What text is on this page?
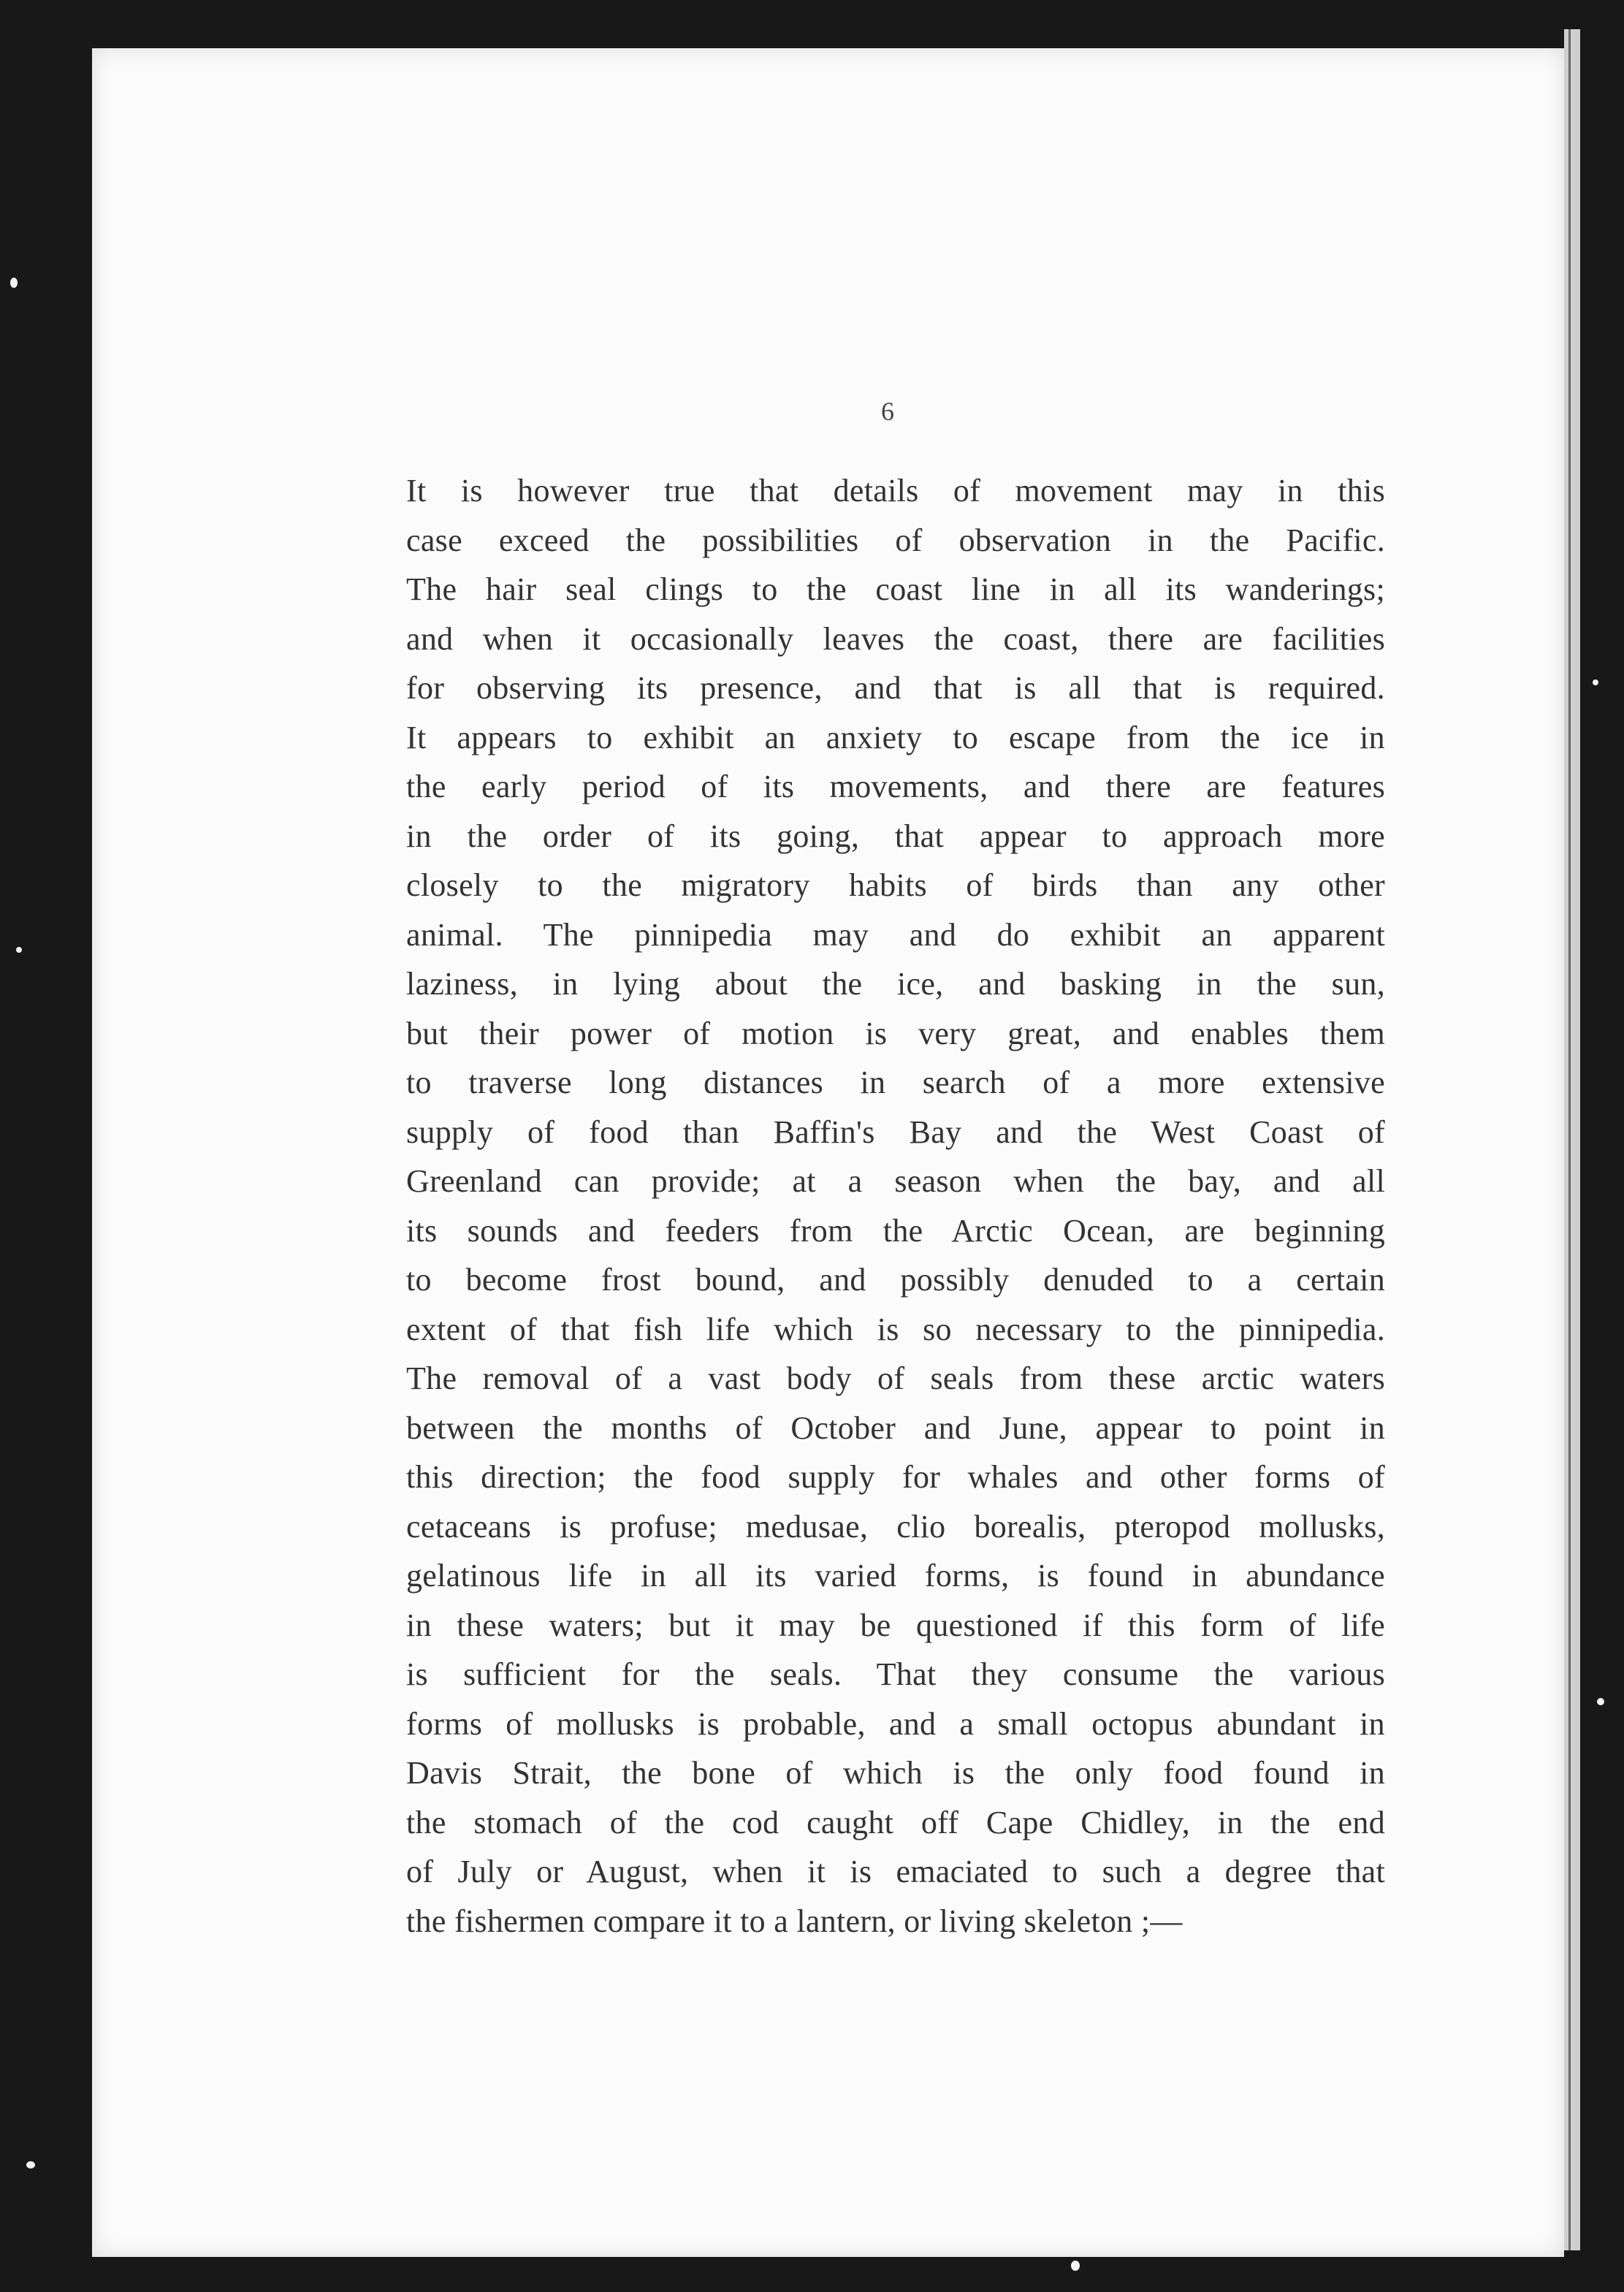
6
It is however true that details of movement may in this
case exceed the possibilities of observation in the Pacific.
The hair seal clings to the coast line in all its wanderings;
and when it occasionally leaves the coast, there are facilities
for observing its presence, and that is all that is required.
It appears to exhibit an anxiety to escape from the ice in
the early period of its movements, and there are features
in the order of its going, that appear to approach more
closely to the migratory habits of birds than any other
animal. The pinnipedia may and do exhibit an apparent
laziness, in lying about the ice, and basking in the sun,
but their power of motion is very great, and enables them
to traverse long distances in search of a more extensive
supply of food than Baffin's Bay and the West Coast of
Greenland can provide; at a season when the bay, and all
its sounds and feeders from the Arctic Ocean, are beginning
to become frost bound, and possibly denuded to a certain
extent of that fish life which is so necessary to the pinnipedia.
The removal of a vast body of seals from these arctic waters
between the months of October and June, appear to point in
this direction; the food supply for whales and other forms of
cetaceans is profuse; medusae, clio borealis, pteropod mollusks,
gelatinous life in all its varied forms, is found in abundance
in these waters; but it may be questioned if this form of life
is sufficient for the seals. That they consume the various
forms of mollusks is probable, and a small octopus abundant in
Davis Strait, the bone of which is the only food found in
the stomach of the cod caught off Cape Chidley, in the end
of July or August, when it is emaciated to such a degree that
the fishermen compare it to a lantern, or living skeleton ;—
